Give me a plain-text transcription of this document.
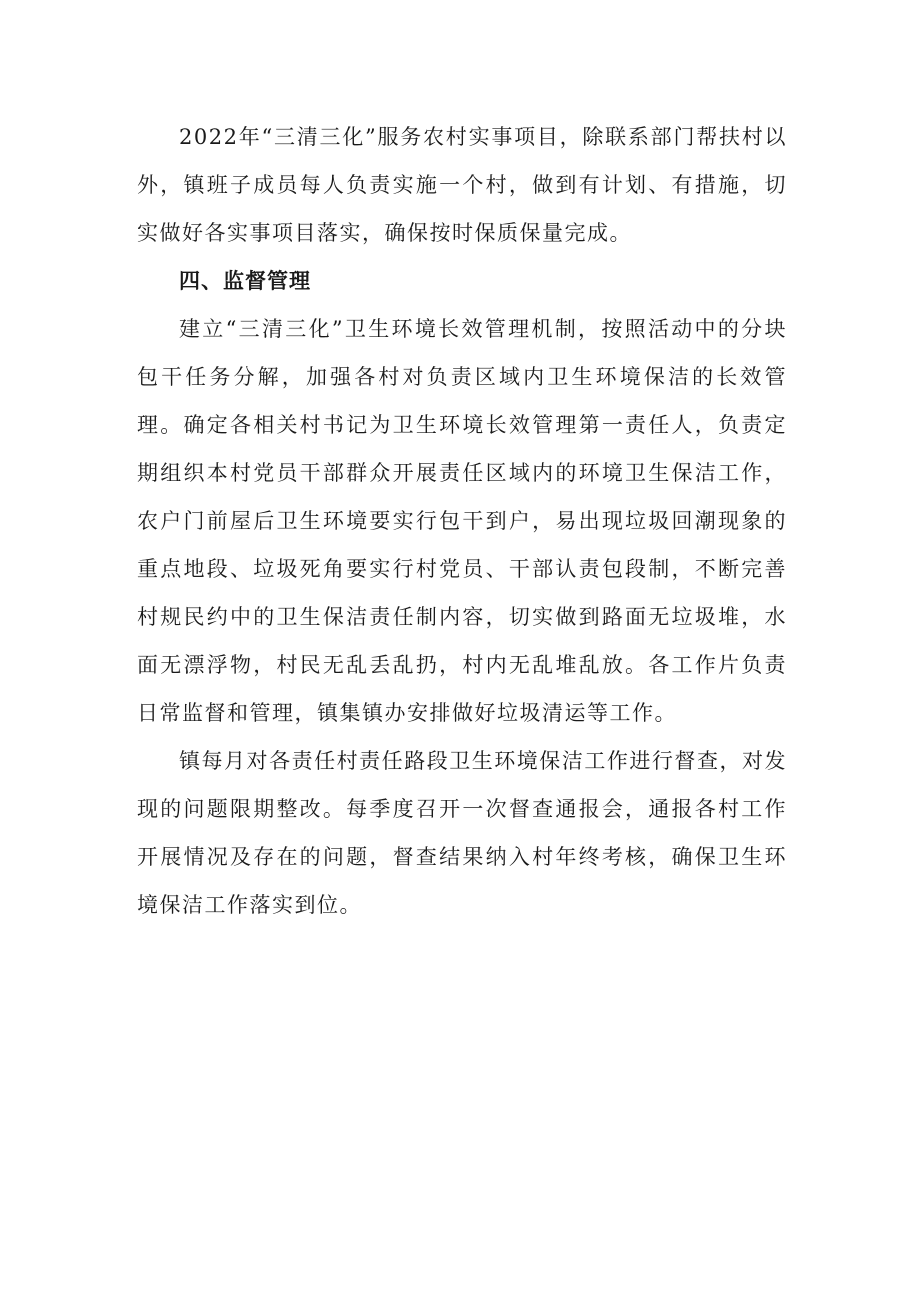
2022年“三清三化”服务农村实事项目，除联系部门帮扶村以外，镇班子成员每人负责实施一个村，做到有计划、有措施，切实做好各实事项目落实，确保按时保质保量完成。

四、监督管理

建立“三清三化”卫生环境长效管理机制，按照活动中的分块包干任务分解，加强各村对负责区域内卫生环境保洁的长效管理。确定各相关村书记为卫生环境长效管理第一责任人，负责定期组织本村党员干部群众开展责任区域内的环境卫生保洁工作，农户门前屋后卫生环境要实行包干到户，易出现垃圾回潮现象的重点地段、垃圾死角要实行村党员、干部认责包段制，不断完善村规民约中的卫生保洁责任制内容，切实做到路面无垃圾堆，水面无漂浮物，村民无乱丢乱扔，村内无乱堆乱放。各工作片负责日常监督和管理，镇集镇办安排做好垃圾清运等工作。

镇每月对各责任村责任路段卫生环境保洁工作进行督查，对发现的问题限期整改。每季度召开一次督查通报会，通报各村工作开展情况及存在的问题，督查结果纳入村年终考核，确保卫生环境保洁工作落实到位。
